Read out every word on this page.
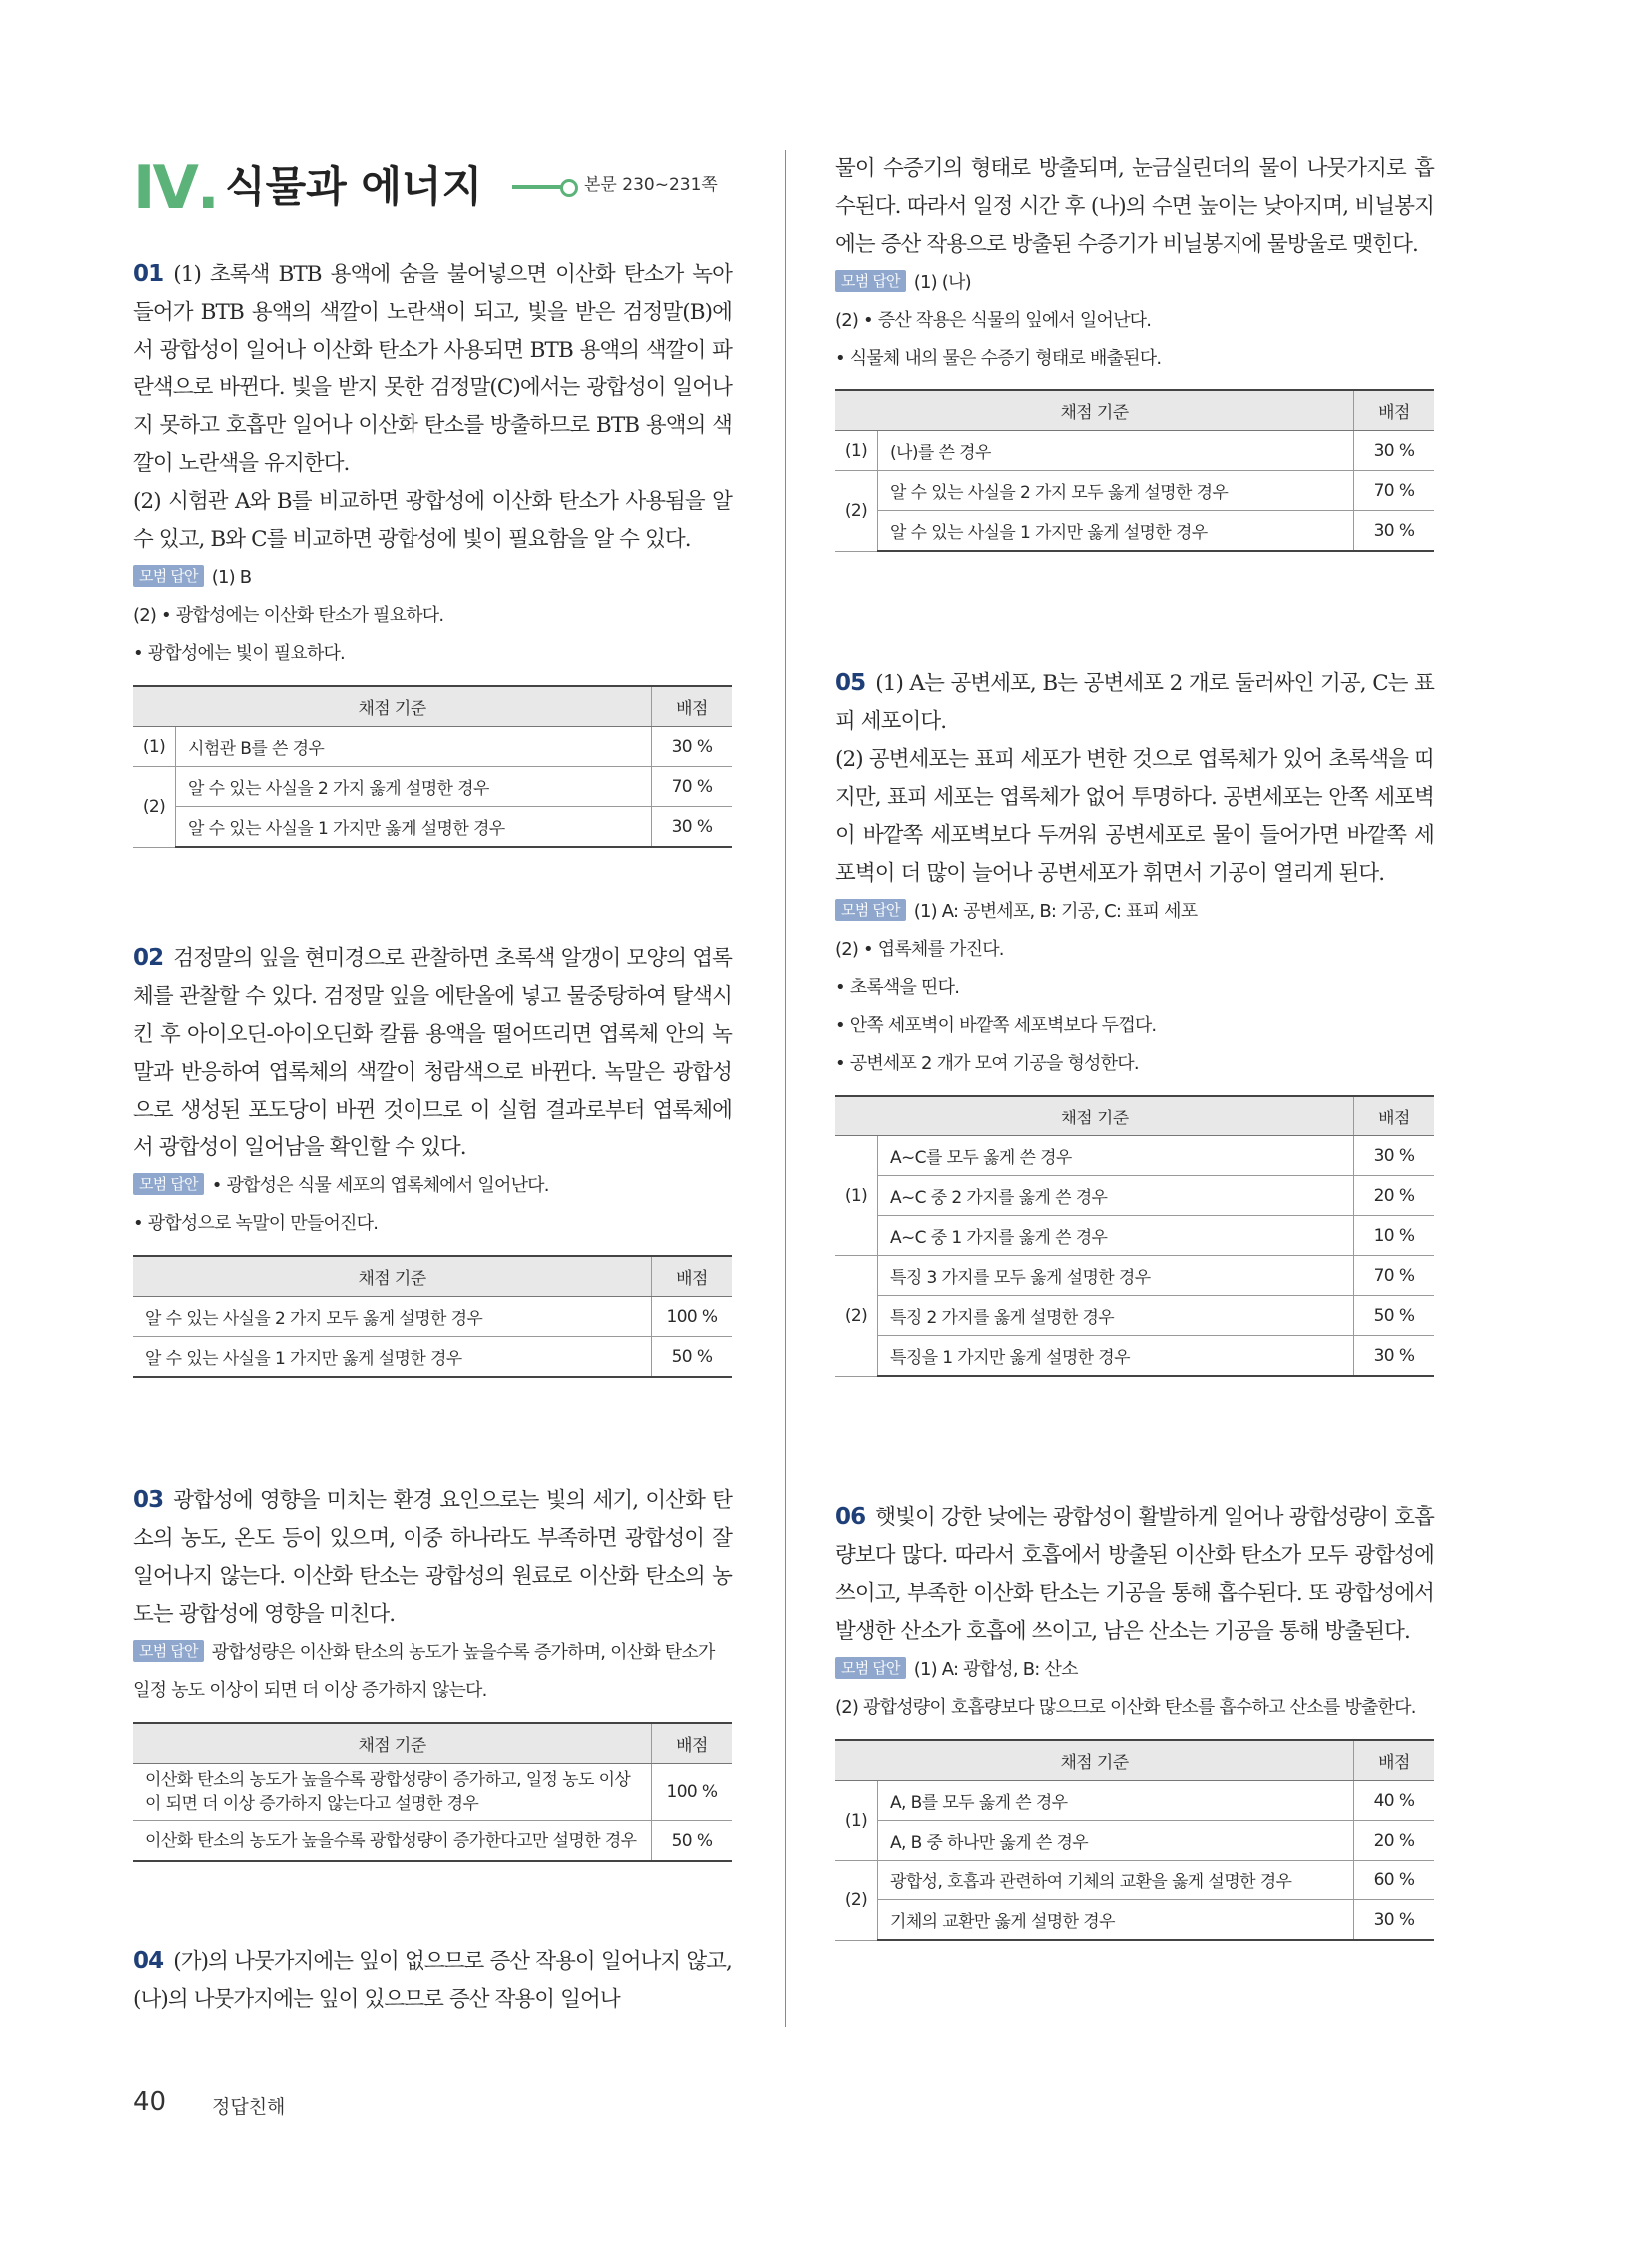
Ⅳ. 식물과 에너지	본문 230~231쪽
01 (1) 초록색 BTB 용액에 숨을 불어넣으면 이산화 탄소가 녹아 들어가 BTB 용액의 색깔이 노란색이 되고, 빛을 받은 검정말(B)에서 광합성이 일어나 이산화 탄소가 사용되면 BTB 용액의 색깔이 파란색으로 바뀐다. 빛을 받지 못한 검정말(C)에서는 광합성이 일어나지 못하고 호흡만 일어나 이산화 탄소를 방출하므로 BTB 용액의 색깔이 노란색을 유지한다.
(2) 시험관 A와 B를 비교하면 광합성에 이산화 탄소가 사용됨을 알 수 있고, B와 C를 비교하면 광합성에 빛이 필요함을 알 수 있다.
모범 답안 (1) B
(2) • 광합성에는 이산화 탄소가 필요하다.
• 광합성에는 빛이 필요하다.
채점 기준		배점
(1)	시험관 B를 쓴 경우	30 %
(2)	알 수 있는 사실을 2 가지 옳게 설명한 경우	70 %
	알 수 있는 사실을 1 가지만 옳게 설명한 경우	30 %
02 검정말의 잎을 현미경으로 관찰하면 초록색 알갱이 모양의 엽록체를 관찰할 수 있다. 검정말 잎을 에탄올에 넣고 물중탕하여 탈색시킨 후 아이오딘-아이오딘화 칼륨 용액을 떨어뜨리면 엽록체 안의 녹말과 반응하여 엽록체의 색깔이 청람색으로 바뀐다. 녹말은 광합성으로 생성된 포도당이 바뀐 것이므로 이 실험 결과로부터 엽록체에서 광합성이 일어남을 확인할 수 있다.
모범 답안 • 광합성은 식물 세포의 엽록체에서 일어난다.
• 광합성으로 녹말이 만들어진다.
채점 기준	배점
알 수 있는 사실을 2 가지 모두 옳게 설명한 경우	100 %
알 수 있는 사실을 1 가지만 옳게 설명한 경우	50 %
03 광합성에 영향을 미치는 환경 요인으로는 빛의 세기, 이산화 탄소의 농도, 온도 등이 있으며, 이중 하나라도 부족하면 광합성이 잘 일어나지 않는다. 이산화 탄소는 광합성의 원료로 이산화 탄소의 농도는 광합성에 영향을 미친다.
모범 답안 광합성량은 이산화 탄소의 농도가 높을수록 증가하며, 이산화 탄소가 일정 농도 이상이 되면 더 이상 증가하지 않는다.
채점 기준	배점
이산화 탄소의 농도가 높을수록 광합성량이 증가하고, 일정 농도 이상이 되면 더 이상 증가하지 않는다고 설명한 경우	100 %
이산화 탄소의 농도가 높을수록 광합성량이 증가한다고만 설명한 경우	50 %
04 (가)의 나뭇가지에는 잎이 없으므로 증산 작용이 일어나지 않고, (나)의 나뭇가지에는 잎이 있으므로 증산 작용이 일어나
물이 수증기의 형태로 방출되며, 눈금실린더의 물이 나뭇가지로 흡수된다. 따라서 일정 시간 후 (나)의 수면 높이는 낮아지며, 비닐봉지에는 증산 작용으로 방출된 수증기가 비닐봉지에 물방울로 맺힌다.
모범 답안 (1) (나)
(2) • 증산 작용은 식물의 잎에서 일어난다.
• 식물체 내의 물은 수증기 형태로 배출된다.
채점 기준		배점
(1)	(나)를 쓴 경우	30 %
(2)	알 수 있는 사실을 2 가지 모두 옳게 설명한 경우	70 %
	알 수 있는 사실을 1 가지만 옳게 설명한 경우	30 %
05 (1) A는 공변세포, B는 공변세포 2 개로 둘러싸인 기공, C는 표피 세포이다.
(2) 공변세포는 표피 세포가 변한 것으로 엽록체가 있어 초록색을 띠지만, 표피 세포는 엽록체가 없어 투명하다. 공변세포는 안쪽 세포벽이 바깥쪽 세포벽보다 두꺼워 공변세포로 물이 들어가면 바깥쪽 세포벽이 더 많이 늘어나 공변세포가 휘면서 기공이 열리게 된다.
모범 답안 (1) A: 공변세포, B: 기공, C: 표피 세포
(2) • 엽록체를 가진다.
• 초록색을 띤다.
• 안쪽 세포벽이 바깥쪽 세포벽보다 두껍다.
• 공변세포 2 개가 모여 기공을 형성한다.
채점 기준		배점
(1)	A~C를 모두 옳게 쓴 경우	30 %
	A~C 중 2 가지를 옳게 쓴 경우	20 %
	A~C 중 1 가지를 옳게 쓴 경우	10 %
(2)	특징 3 가지를 모두 옳게 설명한 경우	70 %
	특징 2 가지를 옳게 설명한 경우	50 %
	특징을 1 가지만 옳게 설명한 경우	30 %
06 햇빛이 강한 낮에는 광합성이 활발하게 일어나 광합성량이 호흡량보다 많다. 따라서 호흡에서 방출된 이산화 탄소가 모두 광합성에 쓰이고, 부족한 이산화 탄소는 기공을 통해 흡수된다. 또 광합성에서 발생한 산소가 호흡에 쓰이고, 남은 산소는 기공을 통해 방출된다.
모범 답안 (1) A: 광합성, B: 산소
(2) 광합성량이 호흡량보다 많으므로 이산화 탄소를 흡수하고 산소를 방출한다.
채점 기준		배점
(1)	A, B를 모두 옳게 쓴 경우	40 %
	A, B 중 하나만 옳게 쓴 경우	20 %
(2)	광합성, 호흡과 관련하여 기체의 교환을 옳게 설명한 경우	60 %
	기체의 교환만 옳게 설명한 경우	30 %
40 정답친해
